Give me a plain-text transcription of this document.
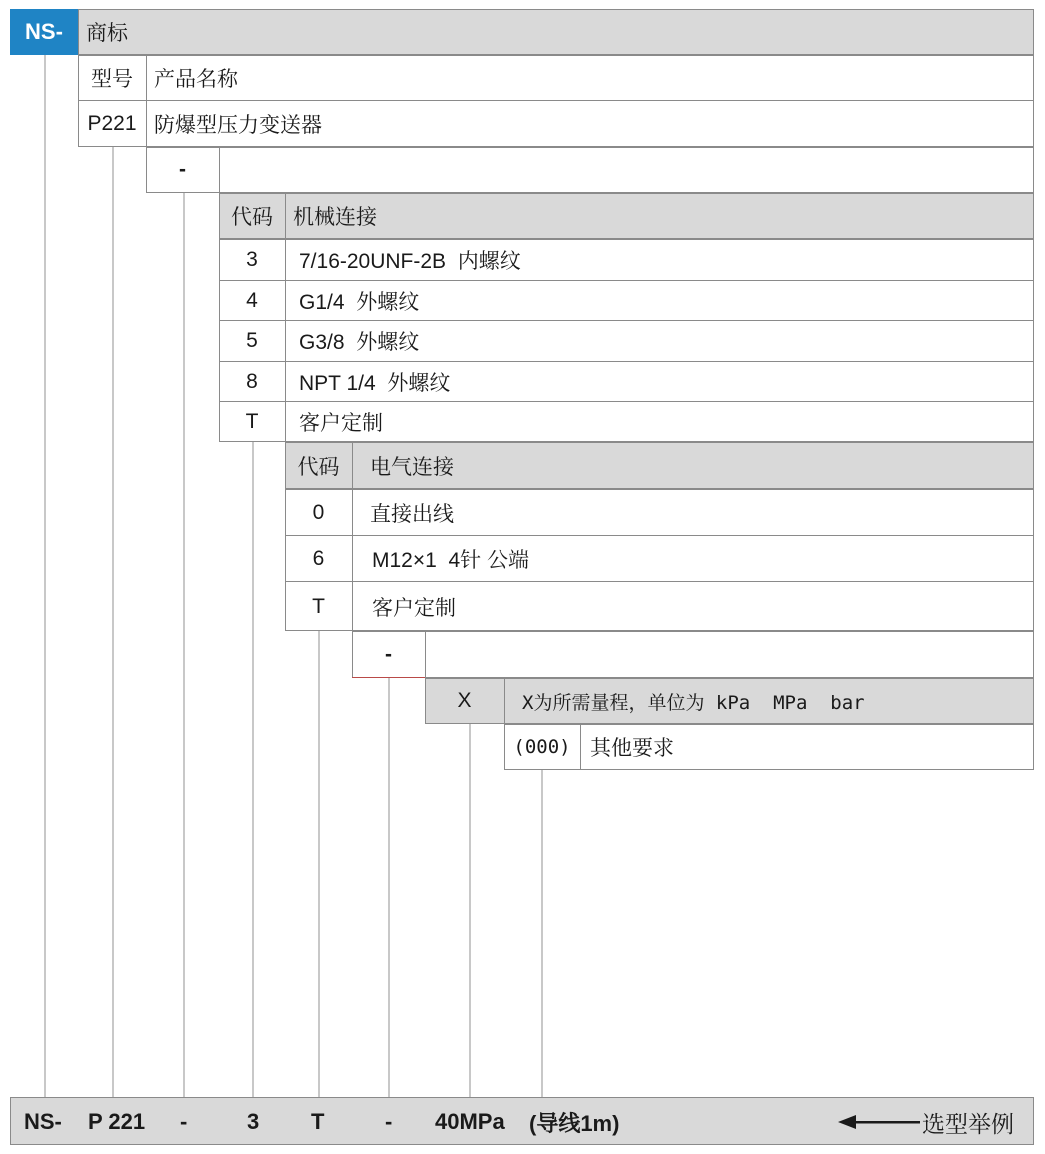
NS-	商标
型号	产品名称
P221 防爆型压力变送器
-
代码 机械连接
3	7/16-20UNF-2B  内螺纹
4	G1/4  外螺纹
5	G3/8  外螺纹
8	NPT 1/4  外螺纹
T	客户定制
代码	电气连接
0	直接出线
6	M12×1  4针 公端
T	客户定制
-
X	X为所需量程，单位为 kPa  MPa  bar
(000) 其他要求
NS- P 221 -	3 T	- 40MPa (导线1m)	选型举例
